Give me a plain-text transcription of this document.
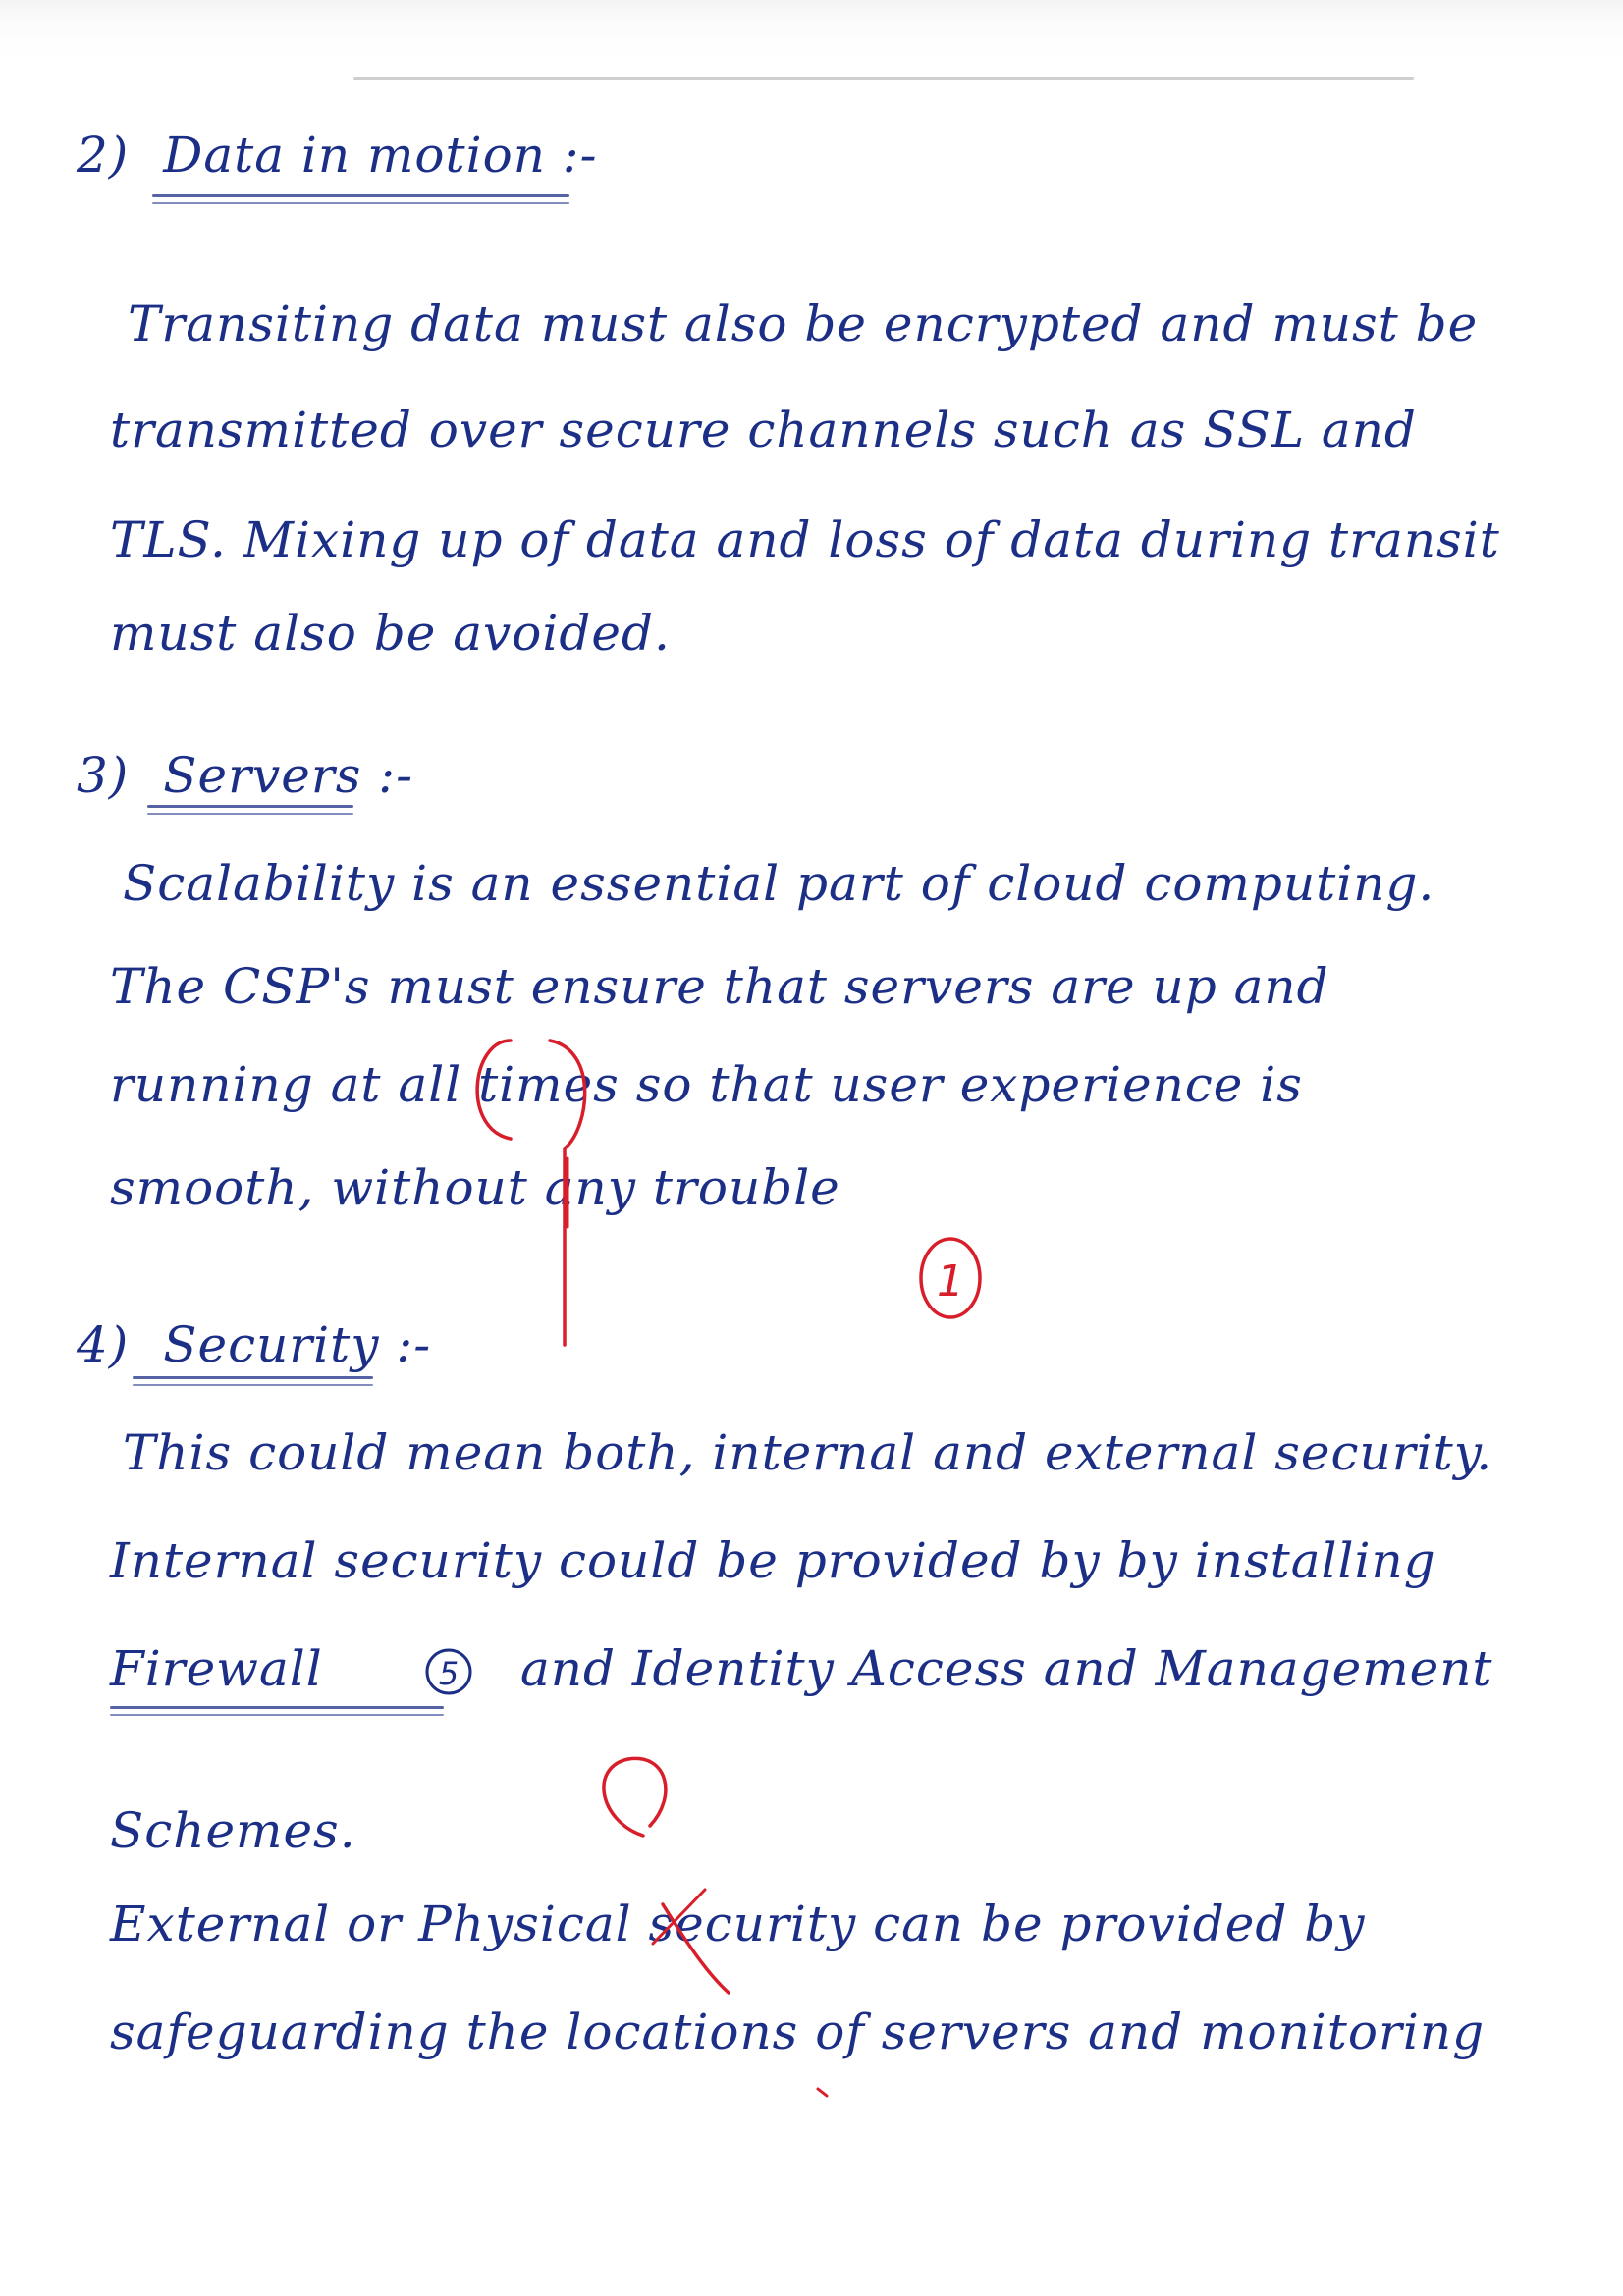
2) Data in motion :-
Transiting data must also be encrypted and must be
transmitted over secure channels such as SSL and
TLS. Mixing up of data and loss of data during transit
must also be avoided.
3) Servers :-
Scalability is an essential part of cloud computing.
The CSP's must ensure that servers are up and
running at all times so that user experience is
smooth, without any trouble
4) Security :-
This could mean both, internal and external security.
Internal security could be provided by by installing
Firewall	and Identity Access and Management
Schemes.
External or Physical security can be provided by
safeguarding the locations of servers and monitoring
1
5
